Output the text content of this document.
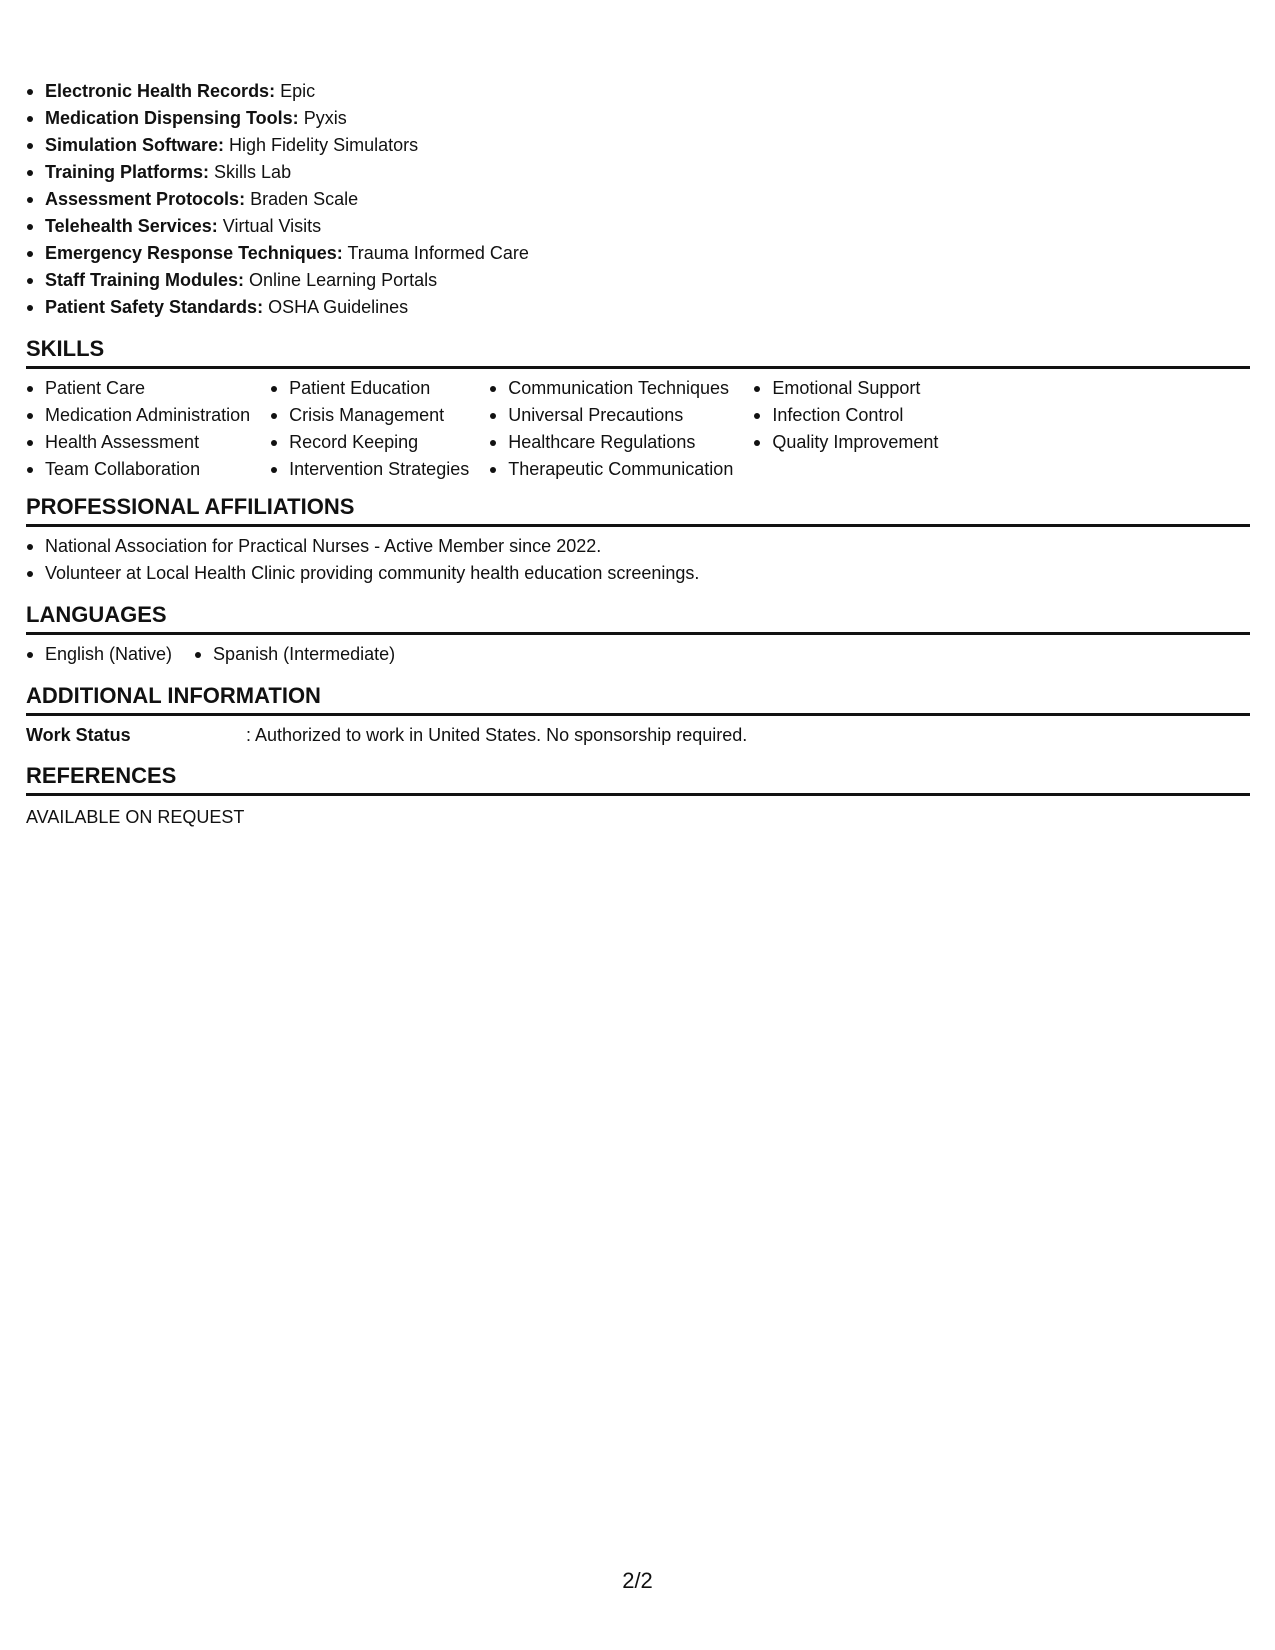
Electronic Health Records: Epic
Medication Dispensing Tools: Pyxis
Simulation Software: High Fidelity Simulators
Training Platforms: Skills Lab
Assessment Protocols: Braden Scale
Telehealth Services: Virtual Visits
Emergency Response Techniques: Trauma Informed Care
Staff Training Modules: Online Learning Portals
Patient Safety Standards: OSHA Guidelines
SKILLS
Patient Care
Medication Administration
Health Assessment
Team Collaboration
Patient Education
Crisis Management
Record Keeping
Intervention Strategies
Communication Techniques
Universal Precautions
Healthcare Regulations
Therapeutic Communication
Emotional Support
Infection Control
Quality Improvement
PROFESSIONAL AFFILIATIONS
National Association for Practical Nurses - Active Member since 2022.
Volunteer at Local Health Clinic providing community health education screenings.
LANGUAGES
English (Native)	Spanish (Intermediate)
ADDITIONAL INFORMATION
Work Status	: Authorized to work in United States. No sponsorship required.
REFERENCES
AVAILABLE ON REQUEST
2/2
